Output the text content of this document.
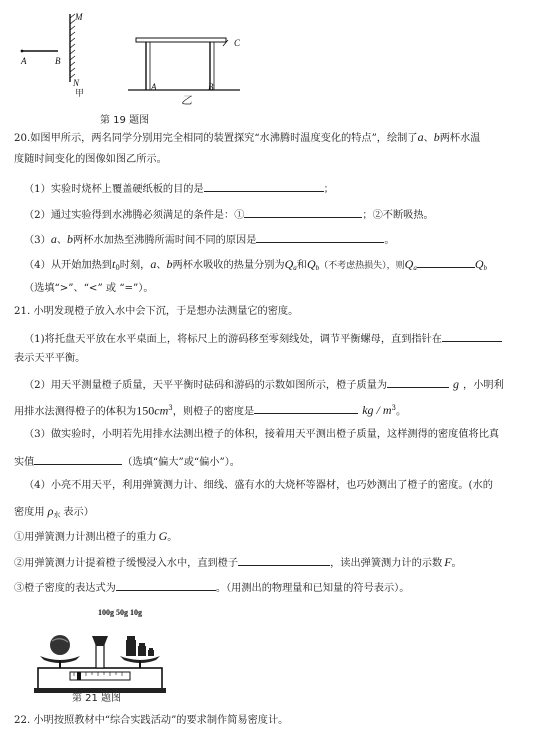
M
N
A	B
甲
C
A	B
乙
第 19 题图
20.如图甲所示，两名同学分别用完全相同的装置探究“水沸腾时温度变化的特点”，绘制了a、b两杯水温
度随时间变化的图像如图乙所示。
（1）实验时烧杯上覆盖硬纸板的目的是	；
（2）通过实验得到水沸腾必须满足的条件是：①	；②不断吸热。
（3）a、b两杯水加热至沸腾所需时间不同的原因是	。
（4）从开始加热到$t_0$时刻，a、b两杯水吸收的热量分别为$Q_a$和$Q_b$（不考虑热损失），则$Q_a$	$Q_b$
（选填“>”、“<” 或 “=”）。
21. 小明发现橙子放入水中会下沉，于是想办法测量它的密度。
（1)将托盘天平放在水平桌面上，将标尺上的游码移至零刻线处，调节平衡螺母，直到指针在
表示天平平衡。
（2）用天平测量橙子质量，天平平衡时砝码和游码的示数如图所示，橙子质量为	g ，小明利
用排水法测得橙子的体积为$150cm^3$，则橙子的密度是	kg / $m^3$。
（3）做实验时，小明若先用排水法测出橙子的体积，接着用天平测出橙子质量，这样测得的密度值将比真
实值	（选填“偏大”或“偏小”）。
（4）小亮不用天平，利用弹簧测力计、细线、盛有水的大烧杯等器材，也巧妙测出了橙子的密度。(水的
密度用 $\rho_水$ 表示）
①用弹簧测力计测出橙子的重力 G。
②用弹簧测力计提着橙子缓慢浸入水中，直到橙子	，读出弹簧测力计的示数 F。
③橙子密度的表达式为	。（用测出的物理量和已知量的符号表示）。
100g 50g 10g
第 21 题图
22. 小明按照教材中“综合实践活动”的要求制作简易密度计。
